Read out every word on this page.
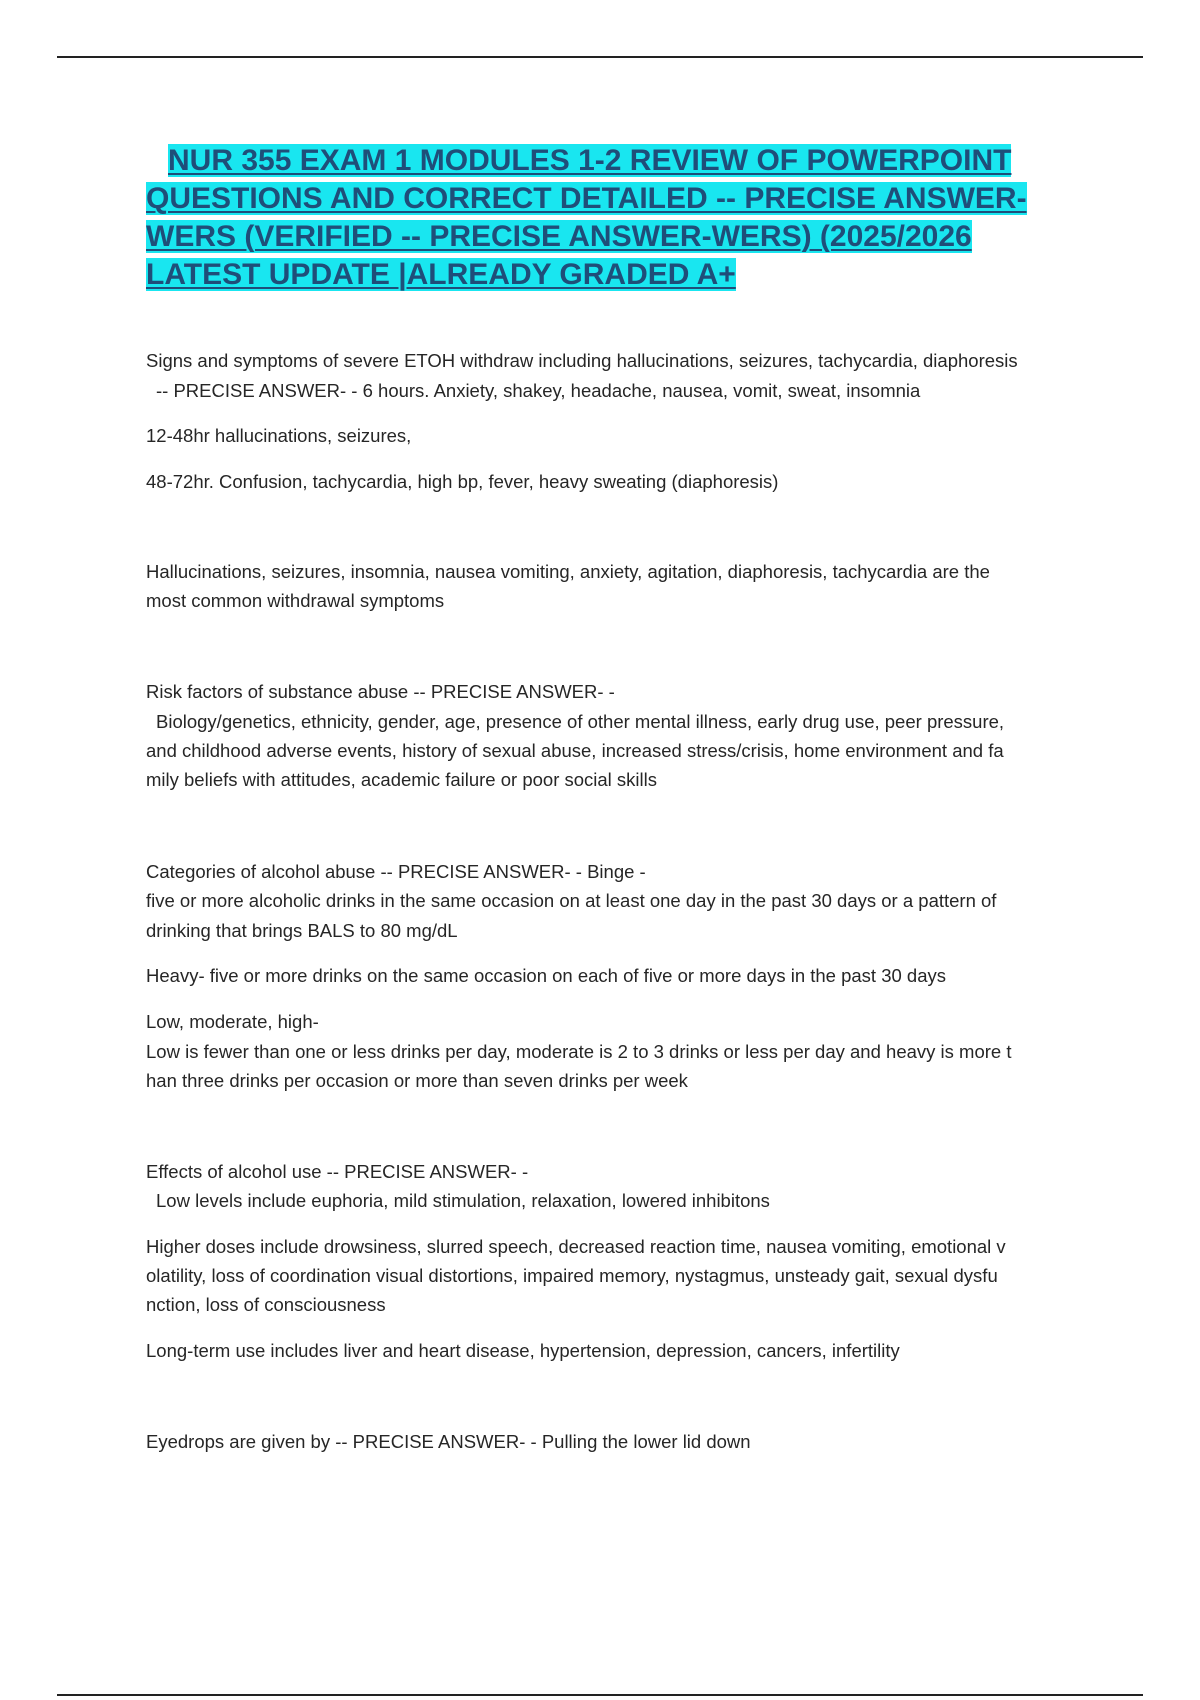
NUR 355 EXAM 1 MODULES 1-2 REVIEW OF POWERPOINT
QUESTIONS AND CORRECT DETAILED -- PRECISE ANSWER-
WERS (VERIFIED -- PRECISE ANSWER-WERS) (2025/2026
LATEST UPDATE |ALREADY GRADED A+
Signs and symptoms of severe ETOH withdraw including hallucinations, seizures, tachycardia, diaphoresis
-- PRECISE ANSWER- - 6 hours. Anxiety, shakey, headache, nausea, vomit, sweat, insomnia
12-48hr hallucinations, seizures,
48-72hr. Confusion, tachycardia, high bp, fever, heavy sweating (diaphoresis)
Hallucinations, seizures, insomnia, nausea vomiting, anxiety, agitation, diaphoresis, tachycardia are the
most common withdrawal symptoms
Risk factors of substance abuse -- PRECISE ANSWER- -
Biology/genetics, ethnicity, gender, age, presence of other mental illness, early drug use, peer pressure,
and childhood adverse events, history of sexual abuse, increased stress/crisis, home environment and fa
mily beliefs with attitudes, academic failure or poor social skills
Categories of alcohol abuse -- PRECISE ANSWER- - Binge -
five or more alcoholic drinks in the same occasion on at least one day in the past 30 days or a pattern of
drinking that brings BALS to 80 mg/dL
Heavy- five or more drinks on the same occasion on each of five or more days in the past 30 days
Low, moderate, high-
Low is fewer than one or less drinks per day, moderate is 2 to 3 drinks or less per day and heavy is more t
han three drinks per occasion or more than seven drinks per week
Effects of alcohol use -- PRECISE ANSWER- -
Low levels include euphoria, mild stimulation, relaxation, lowered inhibitons
Higher doses include drowsiness, slurred speech, decreased reaction time, nausea vomiting, emotional v
olatility, loss of coordination visual distortions, impaired memory, nystagmus, unsteady gait, sexual dysfu
nction, loss of consciousness
Long-term use includes liver and heart disease, hypertension, depression, cancers, infertility
Eyedrops are given by -- PRECISE ANSWER- - Pulling the lower lid down
